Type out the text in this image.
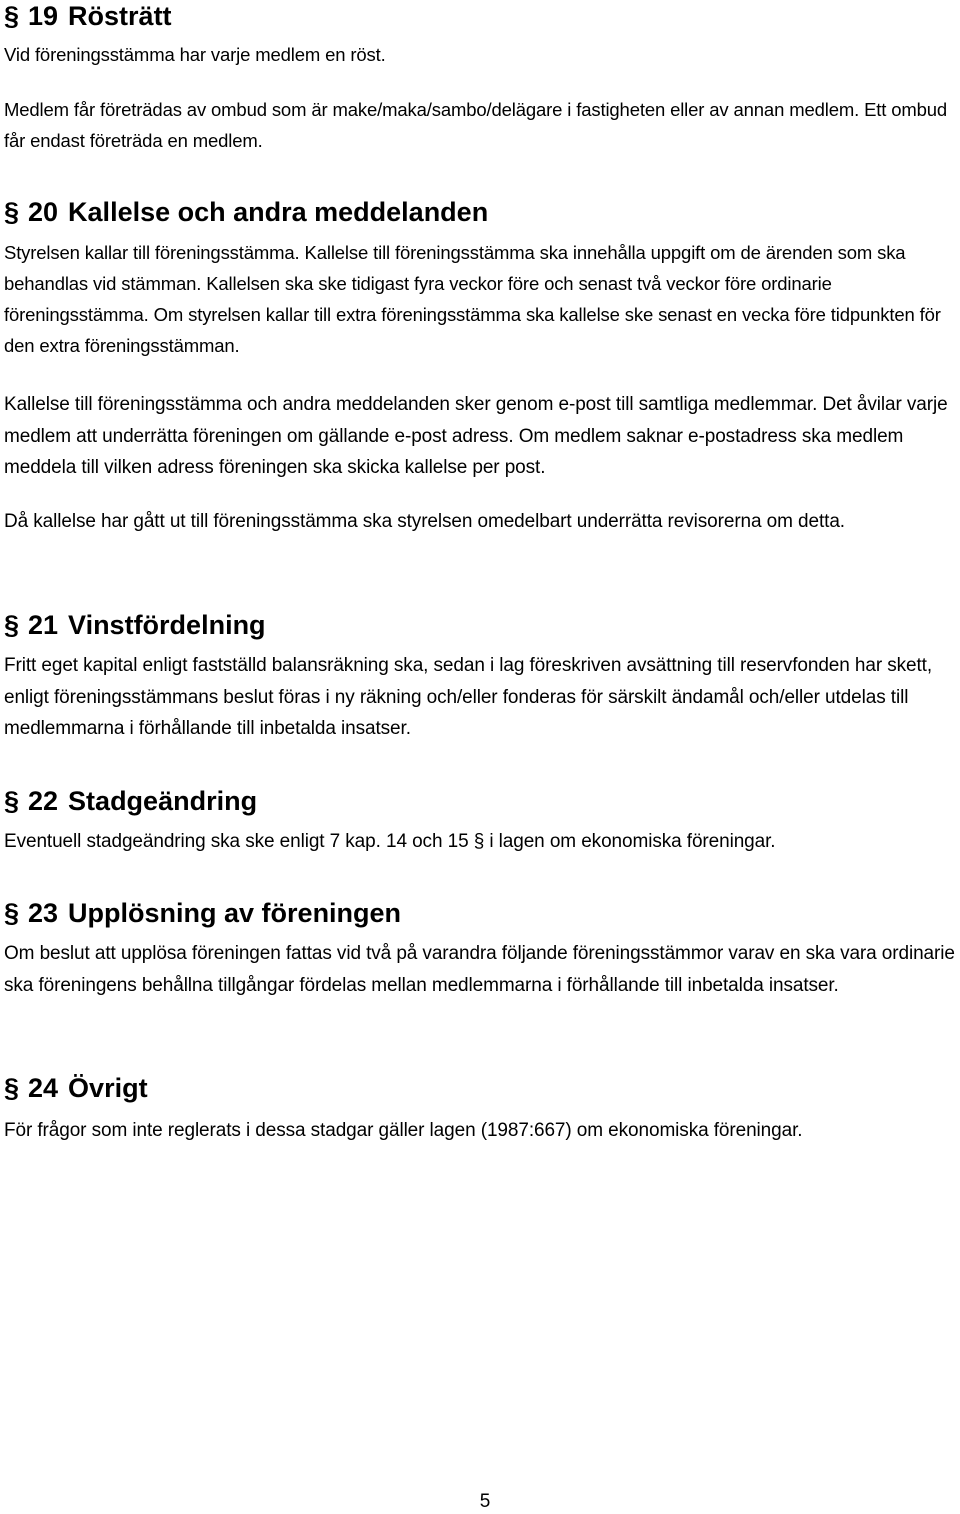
§ 19 Rösträtt

Vid föreningsstämma har varje medlem en röst.

Medlem får företrädas av ombud som är make/maka/sambo/delägare i fastigheten eller av annan medlem. Ett ombud får endast företräda en medlem.

§ 20 Kallelse och andra meddelanden

Styrelsen kallar till föreningsstämma. Kallelse till föreningsstämma ska innehålla uppgift om de ärenden som ska behandlas vid stämman. Kallelsen ska ske tidigast fyra veckor före och senast två veckor före ordinarie föreningsstämma. Om styrelsen kallar till extra föreningsstämma ska kallelse ske senast en vecka före tidpunkten för den extra föreningsstämman.

Kallelse till föreningsstämma och andra meddelanden sker genom e-post till samtliga medlemmar. Det åvilar varje medlem att underrätta föreningen om gällande e-post adress. Om medlem saknar e-postadress ska medlem meddela till vilken adress föreningen ska skicka kallelse per post.

Då kallelse har gått ut till föreningsstämma ska styrelsen omedelbart underrätta revisorerna om detta.

§ 21 Vinstfördelning

Fritt eget kapital enligt fastställd balansräkning ska, sedan i lag föreskriven avsättning till reservfonden har skett, enligt föreningsstämmans beslut föras i ny räkning och/eller fonderas för särskilt ändamål och/eller utdelas till medlemmarna i förhållande till inbetalda insatser.

§ 22 Stadgeändring

Eventuell stadgeändring ska ske enligt 7 kap. 14 och 15 § i lagen om ekonomiska föreningar.

§ 23 Upplösning av föreningen

Om beslut att upplösa föreningen fattas vid två på varandra följande föreningsstämmor varav en ska vara ordinarie ska föreningens behållna tillgångar fördelas mellan medlemmarna i förhållande till inbetalda insatser.

§ 24 Övrigt

För frågor som inte reglerats i dessa stadgar gäller lagen (1987:667) om ekonomiska föreningar.

5
